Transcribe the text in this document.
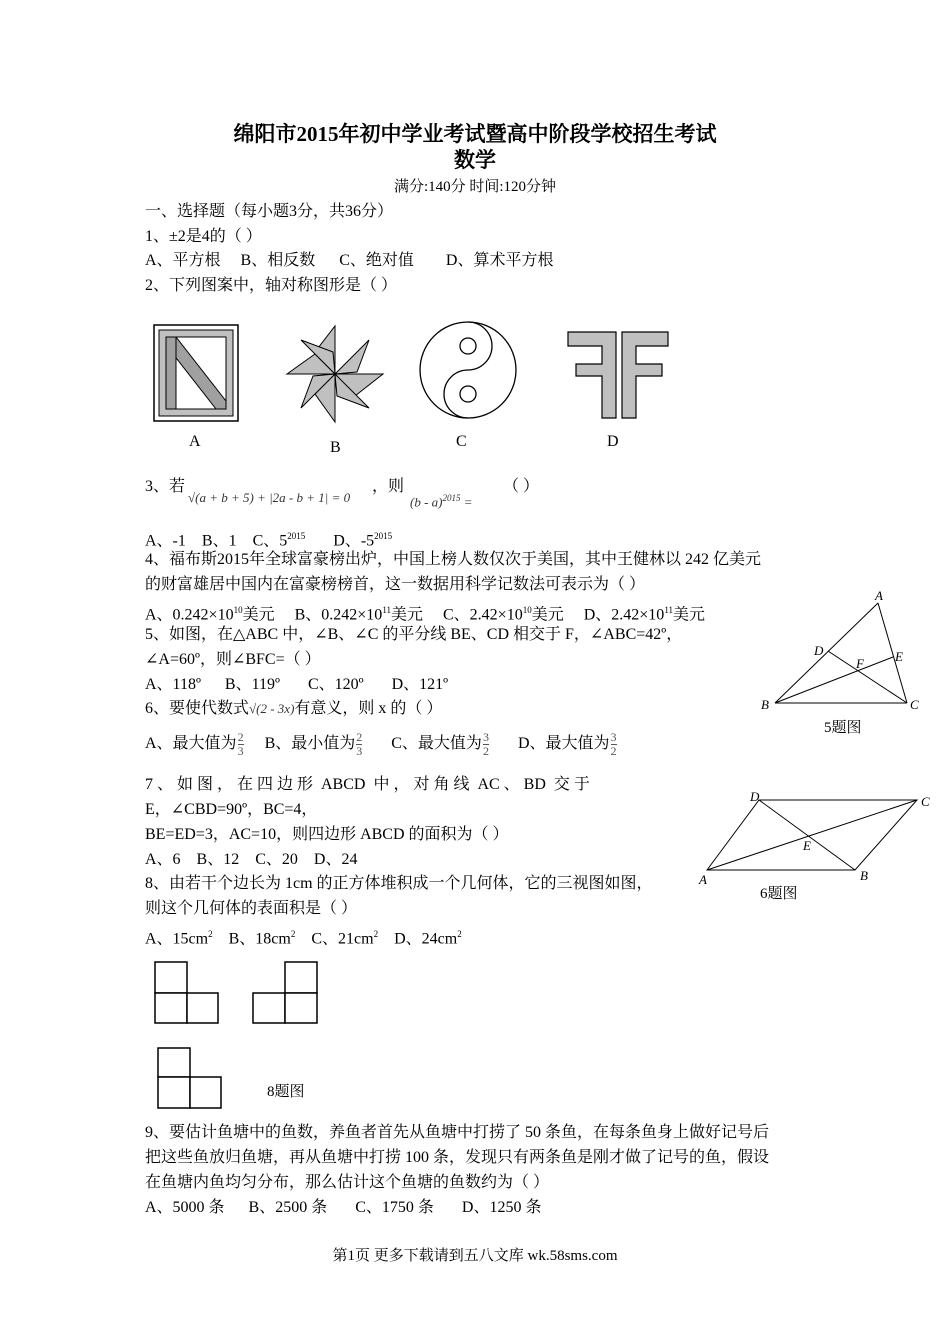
绵阳市2015年初中学业考试暨高中阶段学校招生考试
数学
满分:140分 时间:120分钟
一、选择题（每小题3分，共36分）
1、±2是4的（ ）
A、平方根     B、相反数      C、绝对值        D、算术平方根
2、下列图案中，轴对称图形是（ ）
A	B	C	D
3、若
√(a + b + 5) + |2a - b + 1| = 0
，则
(b - a)$^{2015}$ =
（ ）
A、-1 B、1 C、$5^{2015}$ D、$-5^{2015}$
4、福布斯2015年全球富豪榜出炉，中国上榜人数仅次于美国，其中王健林以 242 亿美元
的财富雄居中国内在富豪榜榜首，这一数据用科学记数法可表示为（ ）
A、$0.242\times 10^{10}$美元 B、$0.242\times 10^{11}$美元 C、$2.42\times 10^{10}$美元 D、$2.42\times 10^{11}$美元
5、如图，在△ABC 中，∠B、∠C 的平分线 BE、CD 相交于 F，∠ABC=42º，
∠A=60º，则∠BFC=（ ）
A、118º      B、119º       C、120º       D、121º
A
B	C
D	E
F
5题图
6、要使代数式√(2 - 3x)有意义，则 x 的（ ）
A、最大值为 $\frac{2}{3}$ B、最小值为 $\frac{2}{3}$ C、最大值为 $\frac{3}{2}$ D、最大值为 $\frac{3}{2}$
7 、 如 图 ， 在 四 边 形  ABCD  中 ， 对 角 线  AC 、 BD  交 于
E，∠CBD=90º，BC=4，
BE=ED=3，AC=10，则四边形 ABCD 的面积为（ ）
A、6    B、12    C、20    D、24
A	B
C
D
E
6题图
8、由若干个边长为 1cm 的正方体堆积成一个几何体，它的三视图如图，
则这个几何体的表面积是（ ）
A、$15cm^2$ B、$18cm^2$ C、$21cm^2$ D、$24cm^2$
8题图
9、要估计鱼塘中的鱼数，养鱼者首先从鱼塘中打捞了 50 条鱼，在每条鱼身上做好记号后
把这些鱼放归鱼塘，再从鱼塘中打捞 100 条，发现只有两条鱼是刚才做了记号的鱼，假设
在鱼塘内鱼均匀分布，那么估计这个鱼塘的鱼数约为（ ）
A、5000 条      B、2500 条       C、1750 条       D、1250 条
第1页 更多下载请到五八文库 wk.58sms.com
